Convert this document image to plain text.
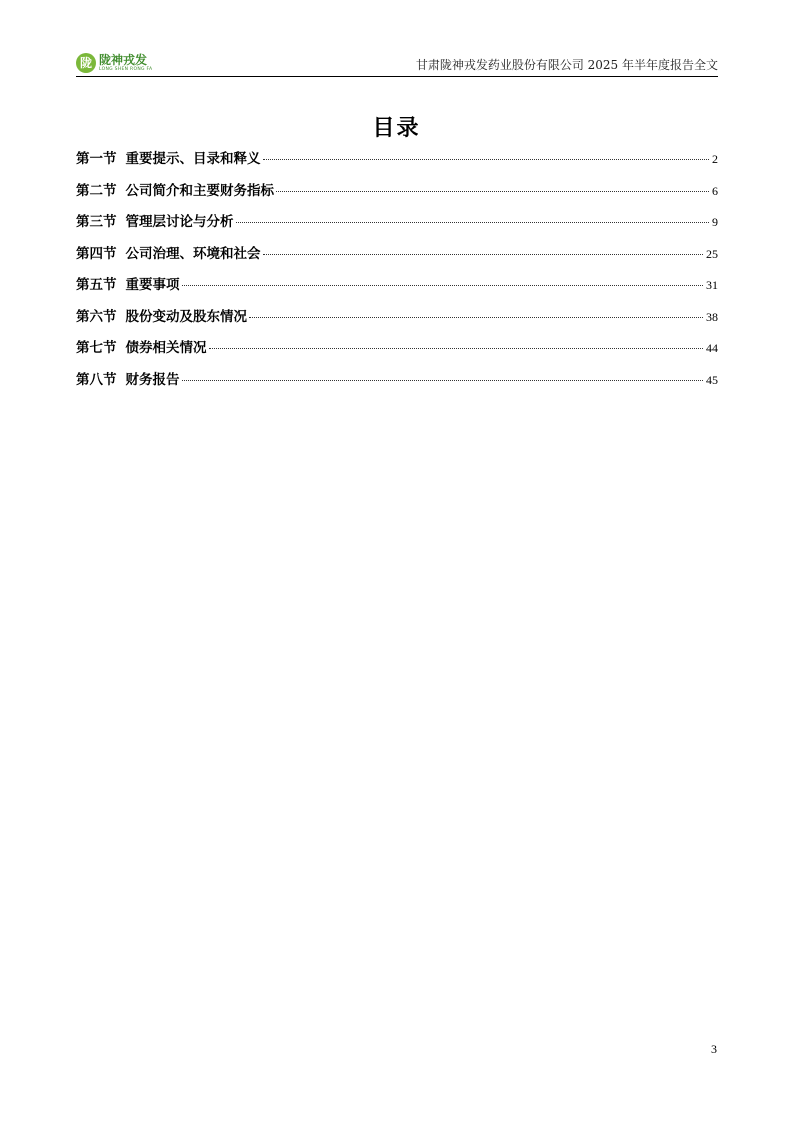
陇 陇神戎发
LONG SHEN RONG FA	甘肃陇神戎发药业股份有限公司 2025 年半年度报告全文
目录
第一节 重要提示、目录和释义	2
第二节 公司简介和主要财务指标	6
第三节 管理层讨论与分析	9
第四节 公司治理、环境和社会	25
第五节 重要事项	31
第六节 股份变动及股东情况	38
第七节 债券相关情况	44
第八节 财务报告	45
3
